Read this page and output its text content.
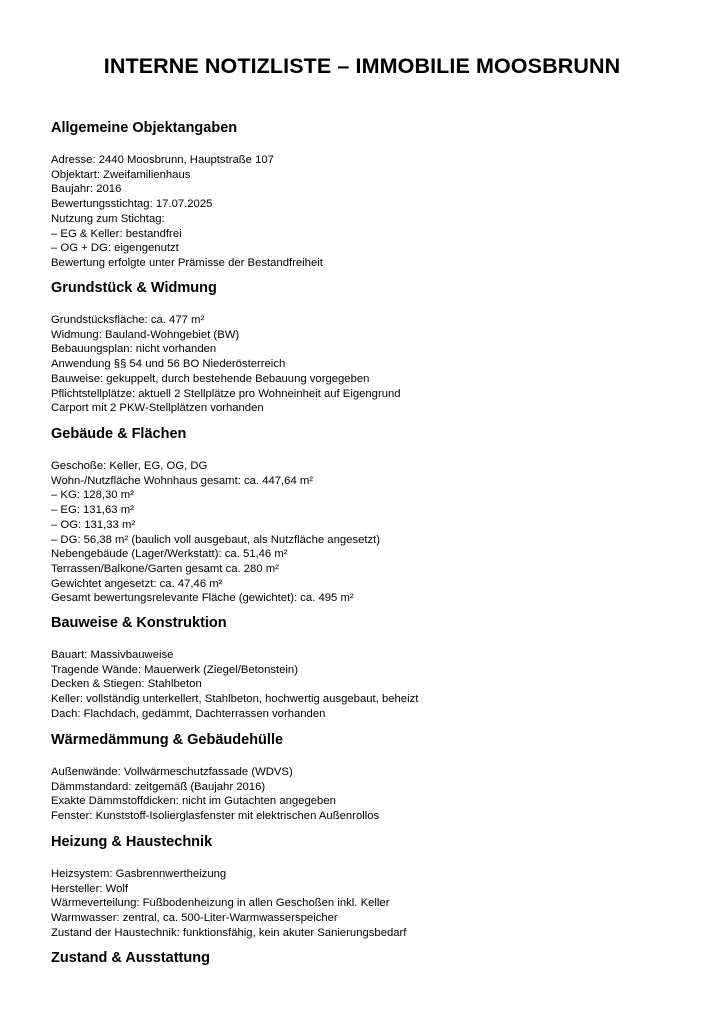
INTERNE NOTIZLISTE – IMMOBILIE MOOSBRUNN
Allgemeine Objektangaben
Adresse: 2440 Moosbrunn, Hauptstraße 107
Objektart: Zweifamilienhaus
Baujahr: 2016
Bewertungsstichtag: 17.07.2025
Nutzung zum Stichtag:
– EG & Keller: bestandfrei
– OG + DG: eigengenutzt
Bewertung erfolgte unter Prämisse der Bestandfreiheit
Grundstück & Widmung
Grundstücksfläche: ca. 477 m²
Widmung: Bauland-Wohngebiet (BW)
Bebauungsplan: nicht vorhanden
Anwendung §§ 54 und 56 BO Niederösterreich
Bauweise: gekuppelt, durch bestehende Bebauung vorgegeben
Pflichtstellplätze: aktuell 2 Stellplätze pro Wohneinheit auf Eigengrund
Carport mit 2 PKW-Stellplätzen vorhanden
Gebäude & Flächen
Geschoße: Keller, EG, OG, DG
Wohn-/Nutzfläche Wohnhaus gesamt: ca. 447,64 m²
– KG: 128,30 m²
– EG: 131,63 m²
– OG: 131,33 m²
– DG: 56,38 m² (baulich voll ausgebaut, als Nutzfläche angesetzt)
Nebengebäude (Lager/Werkstatt): ca. 51,46 m²
Terrassen/Balkone/Garten gesamt ca. 280 m²
Gewichtet angesetzt: ca. 47,46 m²
Gesamt bewertungsrelevante Fläche (gewichtet): ca. 495 m²
Bauweise & Konstruktion
Bauart: Massivbauweise
Tragende Wände: Mauerwerk (Ziegel/Betonstein)
Decken & Stiegen: Stahlbeton
Keller: vollständig unterkellert, Stahlbeton, hochwertig ausgebaut, beheizt
Dach: Flachdach, gedämmt, Dachterrassen vorhanden
Wärmedämmung & Gebäudehülle
Außenwände: Vollwärmeschutzfassade (WDVS)
Dämmstandard: zeitgemäß (Baujahr 2016)
Exakte Dämmstoffdicken: nicht im Gutachten angegeben
Fenster: Kunststoff-Isolierglasfenster mit elektrischen Außenrollos
Heizung & Haustechnik
Heizsystem: Gasbrennwertheizung
Hersteller: Wolf
Wärmeverteilung: Fußbodenheizung in allen Geschoßen inkl. Keller
Warmwasser: zentral, ca. 500-Liter-Warmwasserspeicher
Zustand der Haustechnik: funktionsfähig, kein akuter Sanierungsbedarf
Zustand & Ausstattung
